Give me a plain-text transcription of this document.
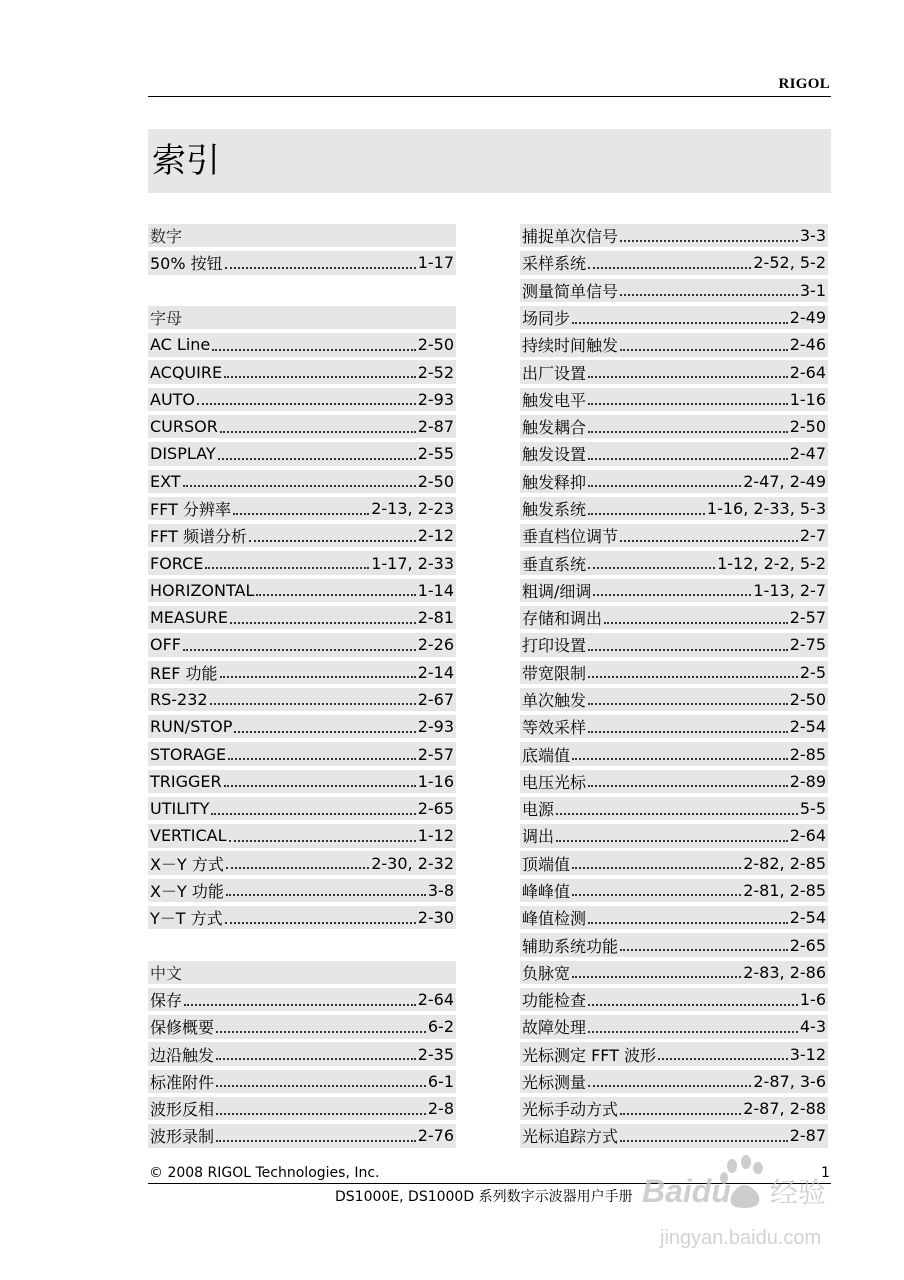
RIGOL
索引
数字
50% 按钮	1-17
字母
AC Line	2-50
ACQUIRE	2-52
AUTO	2-93
CURSOR	2-87
DISPLAY	2-55
EXT	2-50
FFT 分辨率	2-13, 2-23
FFT 频谱分析	2-12
FORCE	1-17, 2-33
HORIZONTAL	1-14
MEASURE	2-81
OFF	2-26
REF 功能	2-14
RS-232	2-67
RUN/STOP	2-93
STORAGE	2-57
TRIGGER	1-16
UTILITY	2-65
VERTICAL	1-12
X－Y 方式	2-30, 2-32
X－Y 功能	3-8
Y－T 方式	2-30
中文
保存	2-64
保修概要	6-2
边沿触发	2-35
标准附件	6-1
波形反相	2-8
波形录制	2-76
捕捉单次信号	3-3
采样系统	2-52, 5-2
测量简单信号	3-1
场同步	2-49
持续时间触发	2-46
出厂设置	2-64
触发电平	1-16
触发耦合	2-50
触发设置	2-47
触发释抑	2-47, 2-49
触发系统	1-16, 2-33, 5-3
垂直档位调节	2-7
垂直系统	1-12, 2-2, 5-2
粗调/细调	1-13, 2-7
存储和调出	2-57
打印设置	2-75
带宽限制	2-5
单次触发	2-50
等效采样	2-54
底端值	2-85
电压光标	2-89
电源	5-5
调出	2-64
顶端值	2-82, 2-85
峰峰值	2-81, 2-85
峰值检测	2-54
辅助系统功能	2-65
负脉宽	2-83, 2-86
功能检查	1-6
故障处理	4-3
光标测定 FFT 波形	3-12
光标测量	2-87, 3-6
光标手动方式	2-87, 2-88
光标追踪方式	2-87
© 2008 RIGOL Technologies, Inc.	1
DS1000E, DS1000D 系列数字示波器用户手册 Baidu 经验
jingyan.baidu.com
